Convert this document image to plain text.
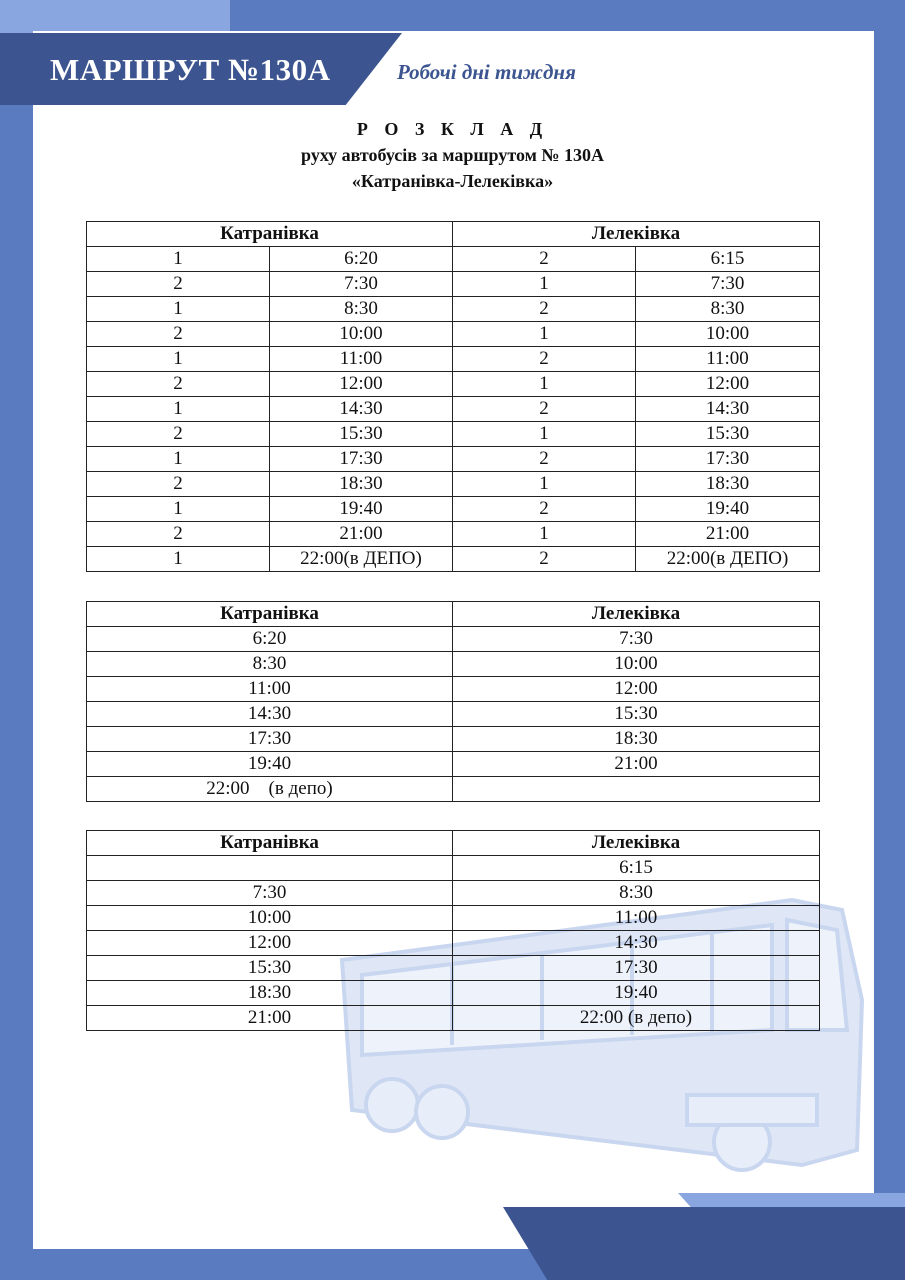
МАРШРУТ №130А	Робочі дні тиждня
Р О З К Л А Д
руху автобусів за маршрутом № 130А
«Катранівка-Лелеківка»
Катранівка		Лелеківка	
1	6:20	2	6:15
2	7:30	1	7:30
1	8:30	2	8:30
2	10:00	1	10:00
1	11:00	2	11:00
2	12:00	1	12:00
1	14:30	2	14:30
2	15:30	1	15:30
1	17:30	2	17:30
2	18:30	1	18:30
1	19:40	2	19:40
2	21:00	1	21:00
1	22:00(в ДЕПО)	2	22:00(в ДЕПО)
Катранівка	Лелеківка
6:20	7:30
8:30	10:00
11:00	12:00
14:30	15:30
17:30	18:30
19:40	21:00
22:00    (в депо)	
Катранівка	Лелеківка
	6:15
7:30	8:30
10:00	11:00
12:00	14:30
15:30	17:30
18:30	19:40
21:00	22:00 (в депо)
